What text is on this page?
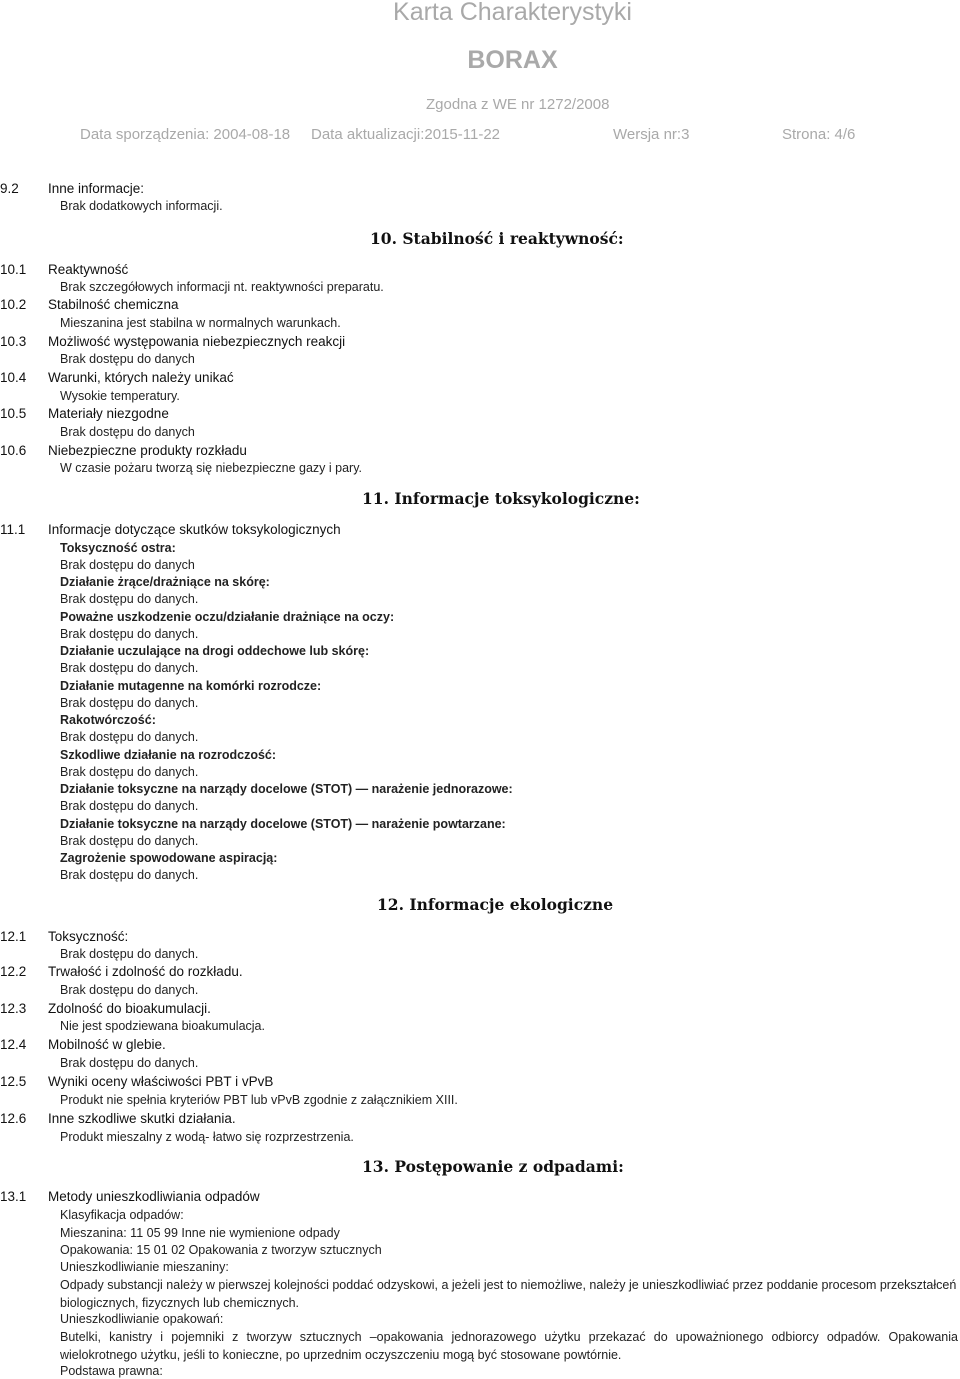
Karta Charakterystyki
BORAX
Zgodna z WE nr 1272/2008
Data sporządzenia: 2004-08-18 Data aktualizacji:2015-11-22	Wersja nr:3	Strona: 4/6
9.2 Inne informacje:
Brak dodatkowych informacji.
10. Stabilność i reaktywność:
10.1 Reaktywność
Brak szczegółowych informacji nt. reaktywności preparatu.
10.2 Stabilność chemiczna
Mieszanina jest stabilna w normalnych warunkach.
10.3 Możliwość występowania niebezpiecznych reakcji
Brak dostępu do danych
10.4 Warunki, których należy unikać
Wysokie temperatury.
10.5 Materiały niezgodne
Brak dostępu do danych
10.6 Niebezpieczne produkty rozkładu
W czasie pożaru tworzą się niebezpieczne gazy i pary.
11. Informacje toksykologiczne:
11.1 Informacje dotyczące skutków toksykologicznych
Toksyczność ostra:
Brak dostępu do danych
Działanie żrące/drażniące na skórę:
Brak dostępu do danych.
Poważne uszkodzenie oczu/działanie drażniące na oczy:
Brak dostępu do danych.
Działanie uczulające na drogi oddechowe lub skórę:
Brak dostępu do danych.
Działanie mutagenne na komórki rozrodcze:
Brak dostępu do danych.
Rakotwórczość:
Brak dostępu do danych.
Szkodliwe działanie na rozrodczość:
Brak dostępu do danych.
Działanie toksyczne na narządy docelowe (STOT) — narażenie jednorazowe:
Brak dostępu do danych.
Działanie toksyczne na narządy docelowe (STOT) — narażenie powtarzane:
Brak dostępu do danych.
Zagrożenie spowodowane aspiracją:
Brak dostępu do danych.
12. Informacje ekologiczne
12.1 Toksyczność:
Brak dostępu do danych.
12.2 Trwałość i zdolność do rozkładu.
Brak dostępu do danych.
12.3 Zdolność do bioakumulacji.
Nie jest spodziewana bioakumulacja.
12.4 Mobilność w glebie.
Brak dostępu do danych.
12.5 Wyniki oceny właściwości PBT i vPvB
Produkt nie spełnia kryteriów PBT lub vPvB zgodnie z załącznikiem XIII.
12.6 Inne szkodliwe skutki działania.
Produkt mieszalny z wodą- łatwo się rozprzestrzenia.
13. Postępowanie z odpadami:
13.1 Metody unieszkodliwiania odpadów
Klasyfikacja odpadów:
Mieszanina: 11 05 99 Inne nie wymienione odpady
Opakowania: 15 01 02 Opakowania z tworzyw sztucznych
Unieszkodliwianie mieszaniny:
Odpady substancji należy w pierwszej kolejności poddać odzyskowi, a jeżeli jest to niemożliwe, należy je unieszkodliwiać przez poddanie procesom przekształceń biologicznych, fizycznych lub chemicznych.
Unieszkodliwianie opakowań:
Butelki, kanistry i pojemniki z tworzyw sztucznych –opakowania jednorazowego użytku przekazać do upoważnionego odbiorcy odpadów. Opakowania wielokrotnego użytku, jeśli to konieczne, po uprzednim oczyszczeniu mogą być stosowane powtórnie.
Podstawa prawna:
